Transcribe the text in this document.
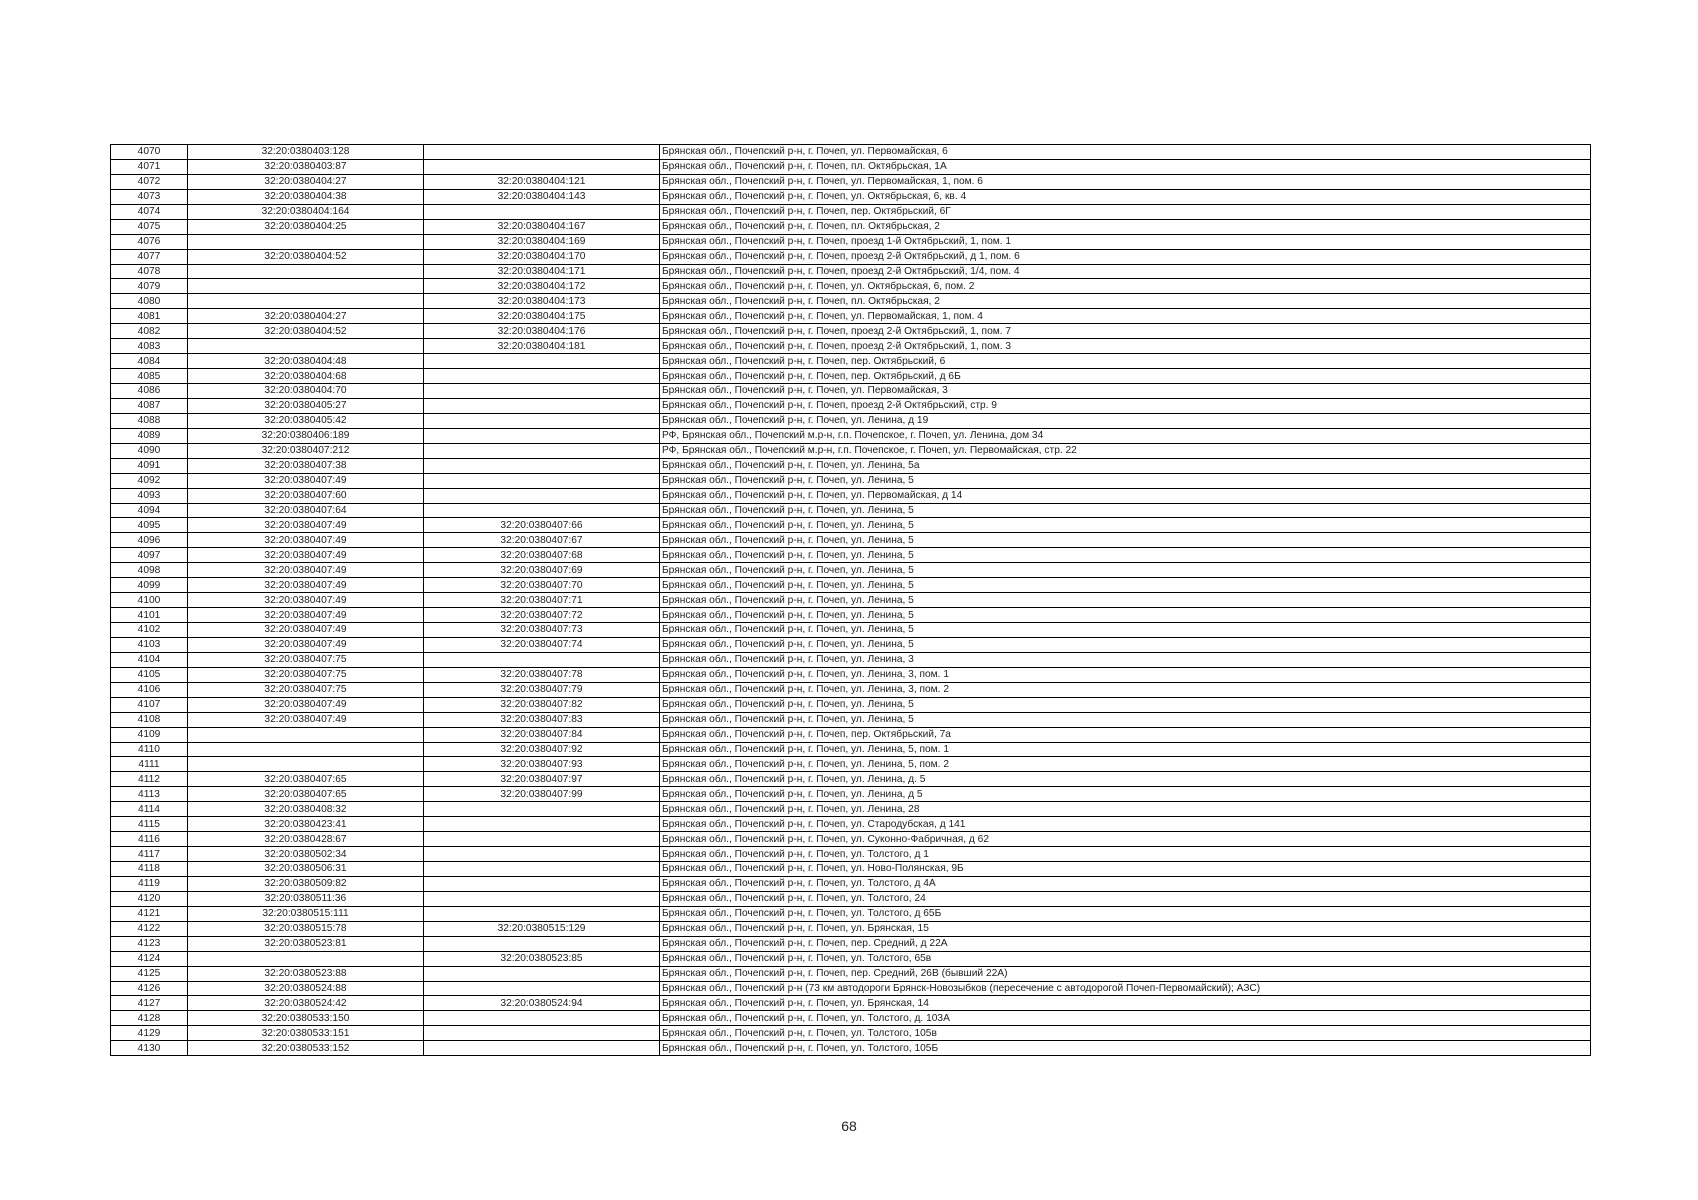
4070	32:20:0380403:128		Брянская обл., Почепский р-н, г. Почеп, ул. Первомайская, 6
4071	32:20:0380403:87		Брянская обл., Почепский р-н, г. Почеп, пл. Октябрьская, 1А
4072	32:20:0380404:27	32:20:0380404:121	Брянская обл., Почепский р-н, г. Почеп, ул. Первомайская, 1, пом. 6
4073	32:20:0380404:38	32:20:0380404:143	Брянская обл., Почепский р-н, г. Почеп, ул. Октябрьская, 6, кв. 4
4074	32:20:0380404:164		Брянская обл., Почепский р-н, г. Почеп, пер. Октябрьский, 6Г
4075	32:20:0380404:25	32:20:0380404:167	Брянская обл., Почепский р-н, г. Почеп, пл. Октябрьская, 2
4076		32:20:0380404:169	Брянская обл., Почепский р-н, г. Почеп, проезд 1-й Октябрьский, 1, пом. 1
4077	32:20:0380404:52	32:20:0380404:170	Брянская обл., Почепский р-н, г. Почеп, проезд 2-й Октябрьский, д 1, пом. 6
4078		32:20:0380404:171	Брянская обл., Почепский р-н, г. Почеп, проезд 2-й Октябрьский, 1/4, пом. 4
4079		32:20:0380404:172	Брянская обл., Почепский р-н, г. Почеп, ул. Октябрьская, 6, пом. 2
4080		32:20:0380404:173	Брянская обл., Почепский р-н, г. Почеп, пл. Октябрьская, 2
4081	32:20:0380404:27	32:20:0380404:175	Брянская обл., Почепский р-н, г. Почеп, ул. Первомайская, 1, пом. 4
4082	32:20:0380404:52	32:20:0380404:176	Брянская обл., Почепский р-н, г. Почеп, проезд 2-й Октябрьский, 1, пом. 7
4083		32:20:0380404:181	Брянская обл., Почепский р-н, г. Почеп, проезд 2-й Октябрьский, 1, пом. 3
4084	32:20:0380404:48		Брянская обл., Почепский р-н, г. Почеп, пер. Октябрьский, 6
4085	32:20:0380404:68		Брянская обл., Почепский р-н, г. Почеп, пер. Октябрьский, д 6Б
4086	32:20:0380404:70		Брянская обл., Почепский р-н, г. Почеп, ул. Первомайская, 3
4087	32:20:0380405:27		Брянская обл., Почепский р-н, г. Почеп, проезд 2-й Октябрьский, стр. 9
4088	32:20:0380405:42		Брянская обл., Почепский р-н, г. Почеп, ул. Ленина, д 19
4089	32:20:0380406:189		РФ, Брянская обл., Почепский м.р-н, г.п. Почепское, г. Почеп, ул. Ленина, дом 34
4090	32:20:0380407:212		РФ, Брянская обл., Почепский м.р-н, г.п. Почепское, г. Почеп, ул. Первомайская, стр. 22
4091	32:20:0380407:38		Брянская обл., Почепский р-н, г. Почеп, ул. Ленина, 5а
4092	32:20:0380407:49		Брянская обл., Почепский р-н, г. Почеп, ул. Ленина, 5
4093	32:20:0380407:60		Брянская обл., Почепский р-н, г. Почеп, ул. Первомайская, д 14
4094	32:20:0380407:64		Брянская обл., Почепский р-н, г. Почеп, ул. Ленина, 5
4095	32:20:0380407:49	32:20:0380407:66	Брянская обл., Почепский р-н, г. Почеп, ул. Ленина, 5
4096	32:20:0380407:49	32:20:0380407:67	Брянская обл., Почепский р-н, г. Почеп, ул. Ленина, 5
4097	32:20:0380407:49	32:20:0380407:68	Брянская обл., Почепский р-н, г. Почеп, ул. Ленина, 5
4098	32:20:0380407:49	32:20:0380407:69	Брянская обл., Почепский р-н, г. Почеп, ул. Ленина, 5
4099	32:20:0380407:49	32:20:0380407:70	Брянская обл., Почепский р-н, г. Почеп, ул. Ленина, 5
4100	32:20:0380407:49	32:20:0380407:71	Брянская обл., Почепский р-н, г. Почеп, ул. Ленина, 5
4101	32:20:0380407:49	32:20:0380407:72	Брянская обл., Почепский р-н, г. Почеп, ул. Ленина, 5
4102	32:20:0380407:49	32:20:0380407:73	Брянская обл., Почепский р-н, г. Почеп, ул. Ленина, 5
4103	32:20:0380407:49	32:20:0380407:74	Брянская обл., Почепский р-н, г. Почеп, ул. Ленина, 5
4104	32:20:0380407:75		Брянская обл., Почепский р-н, г. Почеп, ул. Ленина, 3
4105	32:20:0380407:75	32:20:0380407:78	Брянская обл., Почепский р-н, г. Почеп, ул. Ленина, 3, пом. 1
4106	32:20:0380407:75	32:20:0380407:79	Брянская обл., Почепский р-н, г. Почеп, ул. Ленина, 3, пом. 2
4107	32:20:0380407:49	32:20:0380407:82	Брянская обл., Почепский р-н, г. Почеп, ул. Ленина, 5
4108	32:20:0380407:49	32:20:0380407:83	Брянская обл., Почепский р-н, г. Почеп, ул. Ленина, 5
4109		32:20:0380407:84	Брянская обл., Почепский р-н, г. Почеп, пер. Октябрьский, 7а
4110		32:20:0380407:92	Брянская обл., Почепский р-н, г. Почеп, ул. Ленина, 5, пом. 1
4111		32:20:0380407:93	Брянская обл., Почепский р-н, г. Почеп, ул. Ленина, 5, пом. 2
4112	32:20:0380407:65	32:20:0380407:97	Брянская обл., Почепский р-н, г. Почеп, ул. Ленина, д. 5
4113	32:20:0380407:65	32:20:0380407:99	Брянская обл., Почепский р-н, г. Почеп, ул. Ленина, д 5
4114	32:20:0380408:32		Брянская обл., Почепский р-н, г. Почеп, ул. Ленина, 28
4115	32:20:0380423:41		Брянская обл., Почепский р-н, г. Почеп, ул. Стародубская, д 141
4116	32:20:0380428:67		Брянская обл., Почепский р-н, г. Почеп, ул. Суконно-Фабричная, д 62
4117	32:20:0380502:34		Брянская обл., Почепский р-н, г. Почеп, ул. Толстого, д 1
4118	32:20:0380506:31		Брянская обл., Почепский р-н, г. Почеп, ул. Ново-Полянская, 9Б
4119	32:20:0380509:82		Брянская обл., Почепский р-н, г. Почеп, ул. Толстого, д 4А
4120	32:20:0380511:36		Брянская обл., Почепский р-н, г. Почеп, ул. Толстого, 24
4121	32:20:0380515:111		Брянская обл., Почепский р-н, г. Почеп, ул. Толстого, д 65Б
4122	32:20:0380515:78	32:20:0380515:129	Брянская обл., Почепский р-н, г. Почеп, ул. Брянская, 15
4123	32:20:0380523:81		Брянская обл., Почепский р-н, г. Почеп, пер. Средний, д 22А
4124		32:20:0380523:85	Брянская обл., Почепский р-н, г. Почеп, ул. Толстого, 65в
4125	32:20:0380523:88		Брянская обл., Почепский р-н, г. Почеп, пер. Средний, 26В (бывший 22А)
4126	32:20:0380524:88		Брянская обл., Почепский р-н (73 км автодороги Брянск-Новозыбков (пересечение с автодорогой Почеп-Первомайский); АЗС)
4127	32:20:0380524:42	32:20:0380524:94	Брянская обл., Почепский р-н, г. Почеп, ул. Брянская, 14
4128	32:20:0380533:150		Брянская обл., Почепский р-н, г. Почеп, ул. Толстого, д. 103А
4129	32:20:0380533:151		Брянская обл., Почепский р-н, г. Почеп, ул. Толстого, 105в
4130	32:20:0380533:152		Брянская обл., Почепский р-н, г. Почеп, ул. Толстого, 105Б
68
